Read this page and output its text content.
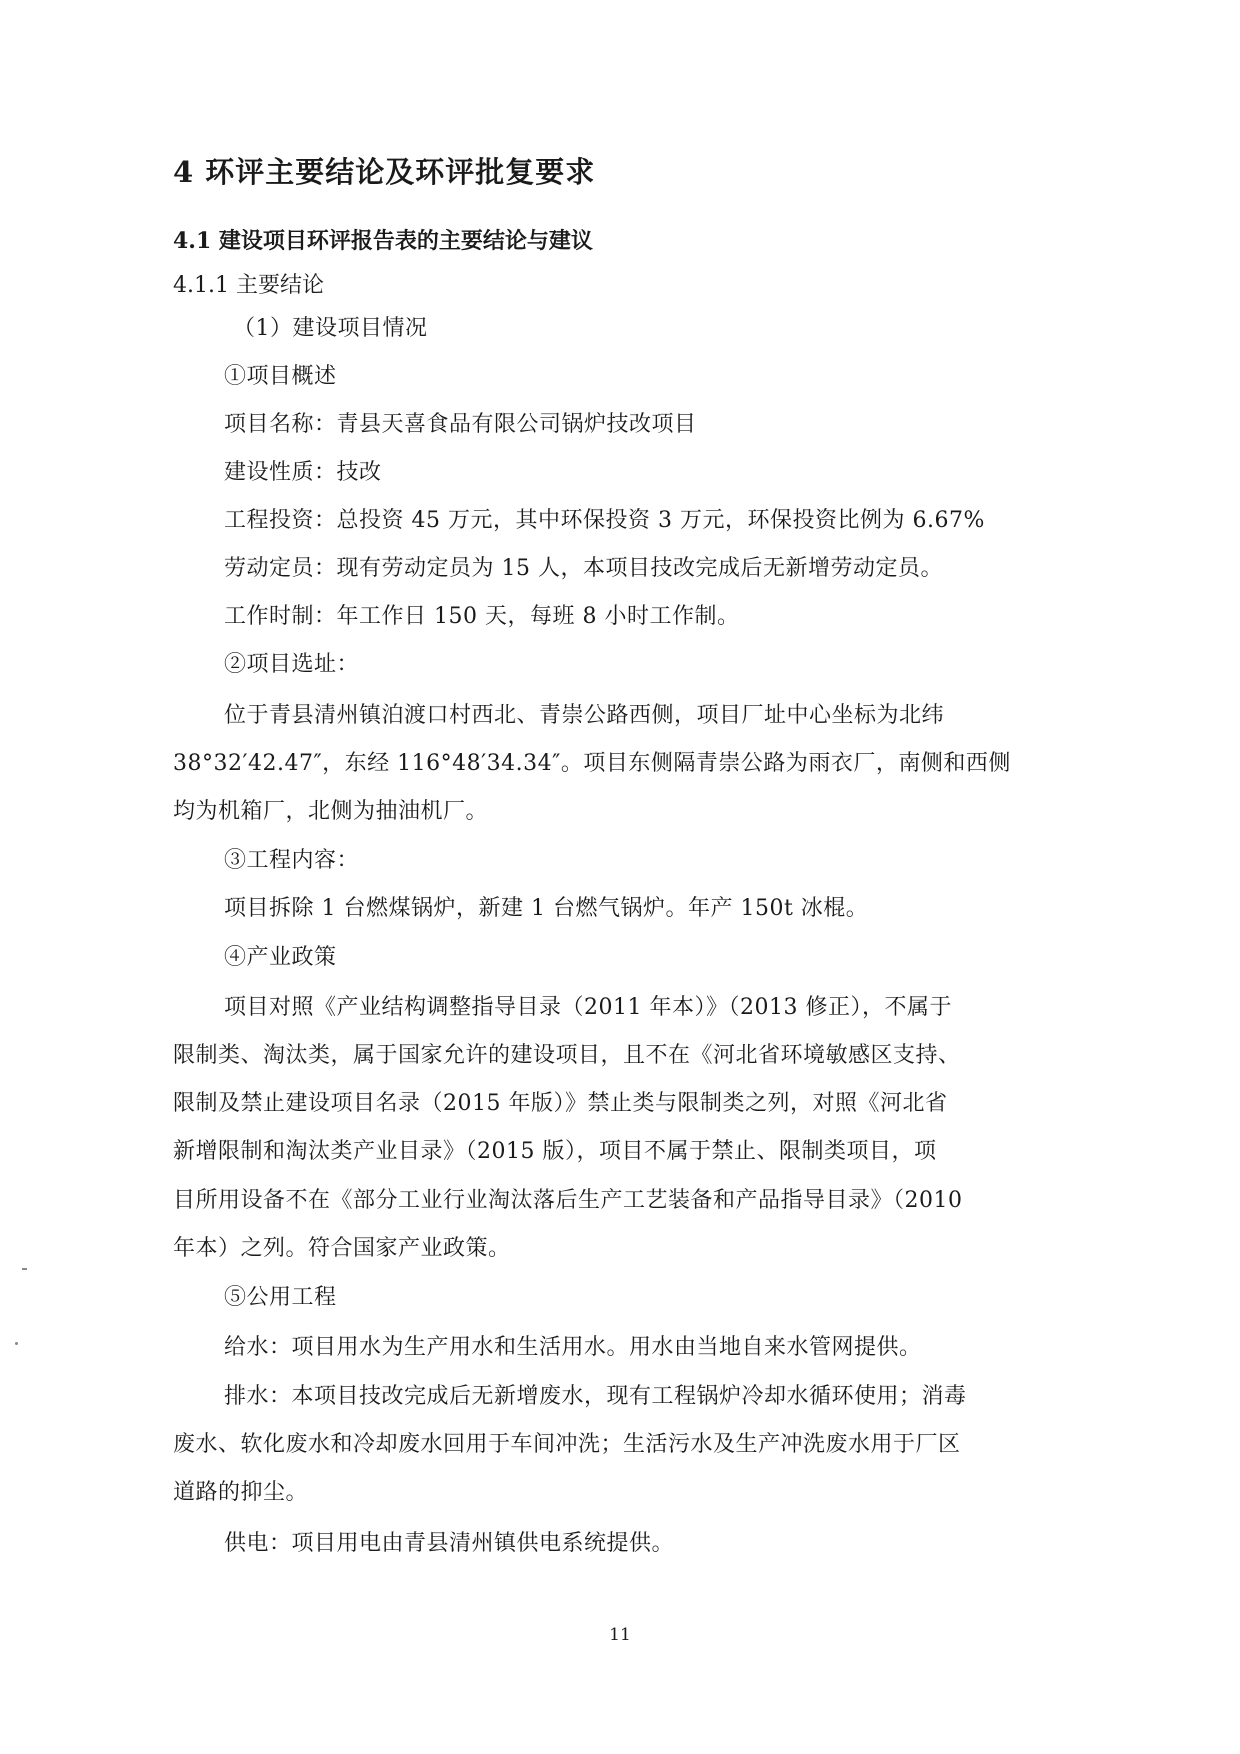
4 环评主要结论及环评批复要求
4.1 建设项目环评报告表的主要结论与建议
4.1.1 主要结论
（1）建设项目情况
①项目概述
项目名称：青县天喜食品有限公司锅炉技改项目
建设性质：技改
工程投资：总投资 45 万元，其中环保投资 3 万元，环保投资比例为 6.67%
劳动定员：现有劳动定员为 15 人，本项目技改完成后无新增劳动定员。
工作时制：年工作日 150 天，每班 8 小时工作制。
②项目选址：
位于青县清州镇泊渡口村西北、青崇公路西侧，项目厂址中心坐标为北纬
38°32′42.47″，东经 116°48′34.34″。项目东侧隔青崇公路为雨衣厂，南侧和西侧
均为机箱厂，北侧为抽油机厂。
③工程内容：
项目拆除 1 台燃煤锅炉，新建 1 台燃气锅炉。年产 150t 冰棍。
④产业政策
项目对照《产业结构调整指导目录（2011 年本）》（2013 修正），不属于
限制类、淘汰类，属于国家允许的建设项目，且不在《河北省环境敏感区支持、
限制及禁止建设项目名录（2015 年版）》禁止类与限制类之列，对照《河北省
新增限制和淘汰类产业目录》（2015 版），项目不属于禁止、限制类项目，项
目所用设备不在《部分工业行业淘汰落后生产工艺装备和产品指导目录》（2010
年本）之列。符合国家产业政策。
⑤公用工程
给水：项目用水为生产用水和生活用水。用水由当地自来水管网提供。
排水：本项目技改完成后无新增废水，现有工程锅炉冷却水循环使用；消毒
废水、软化废水和冷却废水回用于车间冲洗；生活污水及生产冲洗废水用于厂区
道路的抑尘。
供电：项目用电由青县清州镇供电系统提供。
11
